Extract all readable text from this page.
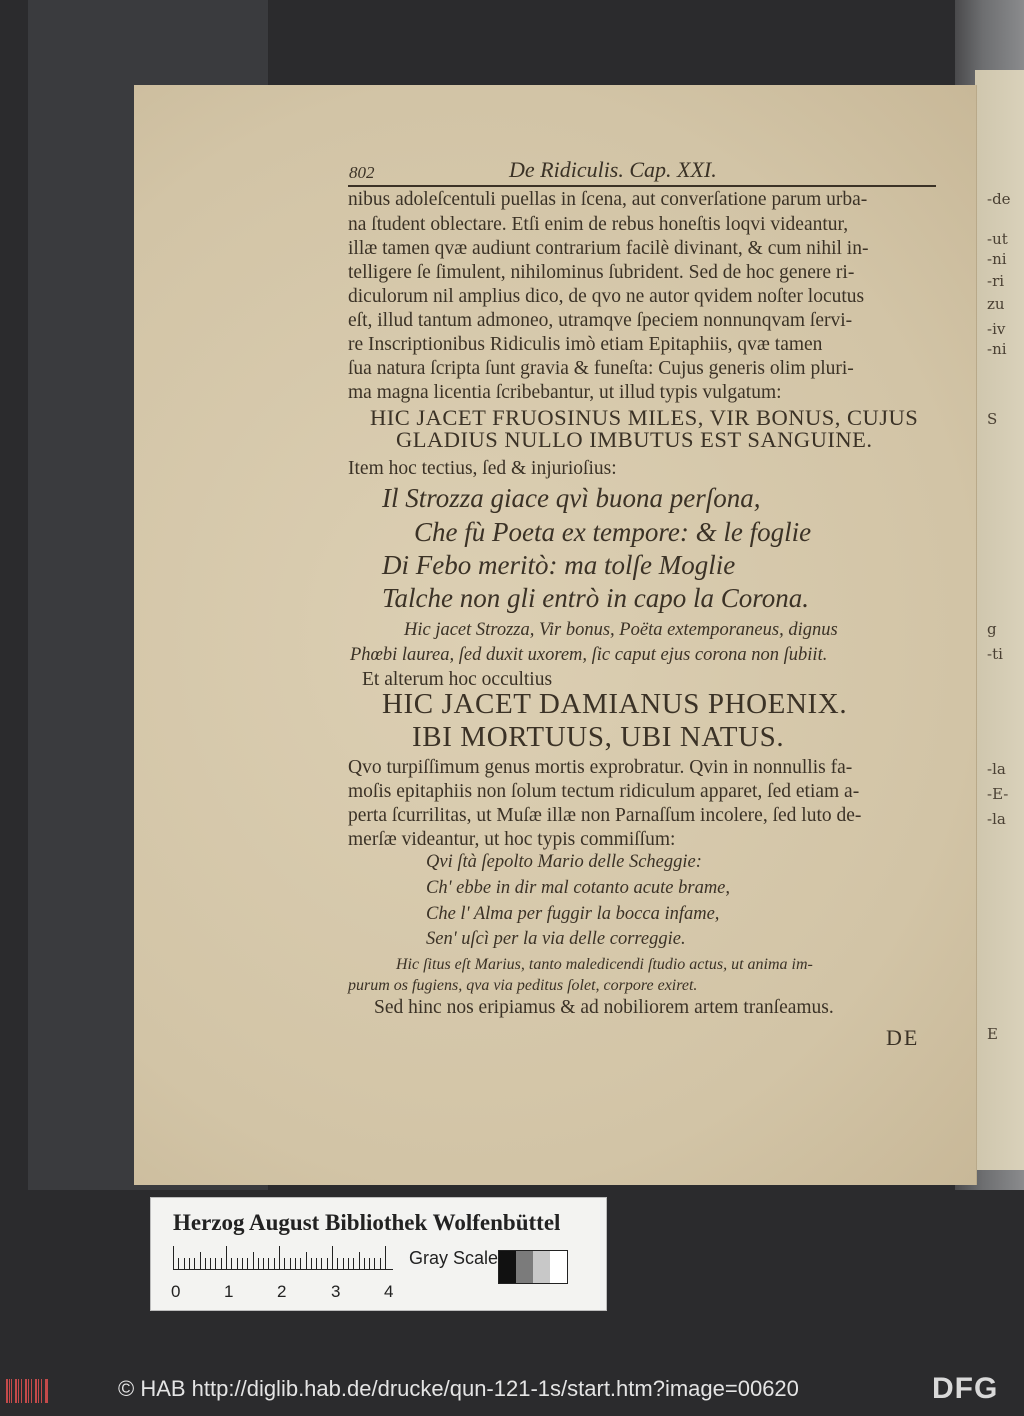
-de
-ut
-ni
-ri
zu
-iv
-ni
S
g
-ti
-la
-E-
-la
E
802	De Ridiculis. Cap. XXI.
nibus adoleſcentuli puellas in ſcena, aut converſatione parum urba-
na ſtudent oblectare. Etſi enim de rebus honeſtis loqvi videantur,
illæ tamen qvæ audiunt contrarium facilè divinant, & cum nihil in-
telligere ſe ſimulent, nihilominus ſubrident. Sed de hoc genere ri-
diculorum nil amplius dico, de qvo ne autor qvidem noſter locutus
eſt, illud tantum admoneo, utramqve ſpeciem nonnunqvam ſervi-
re Inscriptionibus Ridiculis imò etiam Epitaphiis, qvæ tamen
ſua natura ſcripta ſunt gravia & funeſta: Cujus generis olim pluri-
ma magna licentia ſcribebantur, ut illud typis vulgatum:
HIC JACET FRUOSINUS MILES, VIR BONUS, CUJUS
GLADIUS NULLO IMBUTUS EST SANGUINE.
Item hoc tectius, ſed & injurioſius:
Il Strozza giace qvì buona perſona,
Che fù Poeta ex tempore: & le foglie
Di Febo meritò: ma tolſe Moglie
Talche non gli entrò in capo la Corona.
Hic jacet Strozza, Vir bonus, Poëta extemporaneus, dignus
Phœbi laurea, ſed duxit uxorem, ſic caput ejus corona non ſubiit.
Et alterum hoc occultius
HIC JACET DAMIANUS PHOENIX.
IBI MORTUUS, UBI NATUS.
Qvo turpiſſimum genus mortis exprobratur. Qvin in nonnullis fa-
moſis epitaphiis non ſolum tectum ridiculum apparet, ſed etiam a-
perta ſcurrilitas, ut Muſæ illæ non Parnaſſum incolere, ſed luto de-
merſæ videantur, ut hoc typis commiſſum:
Qvi ſtà ſepolto Mario delle Scheggie:
Ch' ebbe in dir mal cotanto acute brame,
Che l' Alma per fuggir la bocca infame,
Sen' uſcì per la via delle correggie.
Hic ſitus eſt Marius, tanto maledicendi ſtudio actus, ut anima im-
purum os fugiens, qva via peditus ſolet, corpore exiret.
Sed hinc nos eripiamus & ad nobiliorem artem tranſeamus.
DE
Herzog August Bibliothek Wolfenbüttel
0	1	2	3	4
Gray Scale
© HAB http://diglib.hab.de/drucke/qun-121-1s/start.htm?image=00620	DFG
